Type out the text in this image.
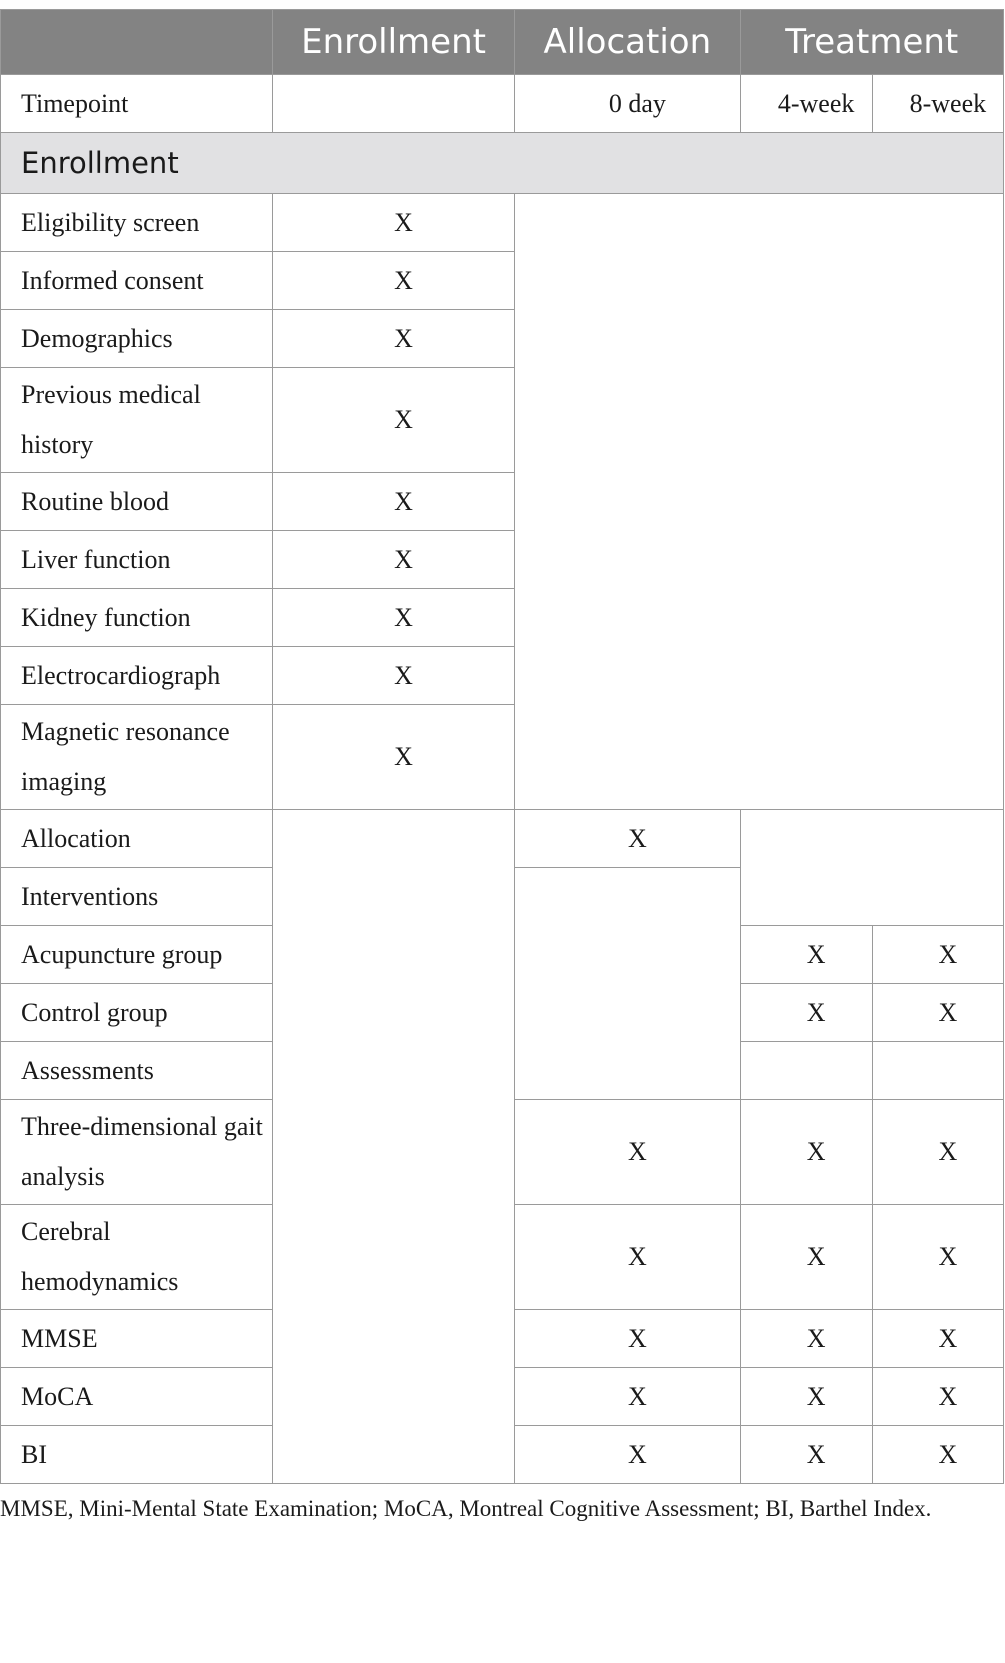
	Enrollment	Allocation	Treatment	
Timepoint		0 day	4-week	8-week
Enrollment				
Eligibility screen	X			
Informed consent	X			
Demographics	X			
Previous medical history	X			
Routine blood	X			
Liver function	X			
Kidney function	X			
Electrocardiograph	X			
Magnetic resonance imaging	X			
Allocation		X		
Interventions				
Acupuncture group			X	X
Control group			X	X
Assessments				
Three-dimensional gait analysis		X	X	X
Cerebral hemodynamics		X	X	X
MMSE		X	X	X
MoCA		X	X	X
BI		X	X	X
MMSE, Mini-Mental State Examination; MoCA, Montreal Cognitive Assessment; BI, Barthel Index.
